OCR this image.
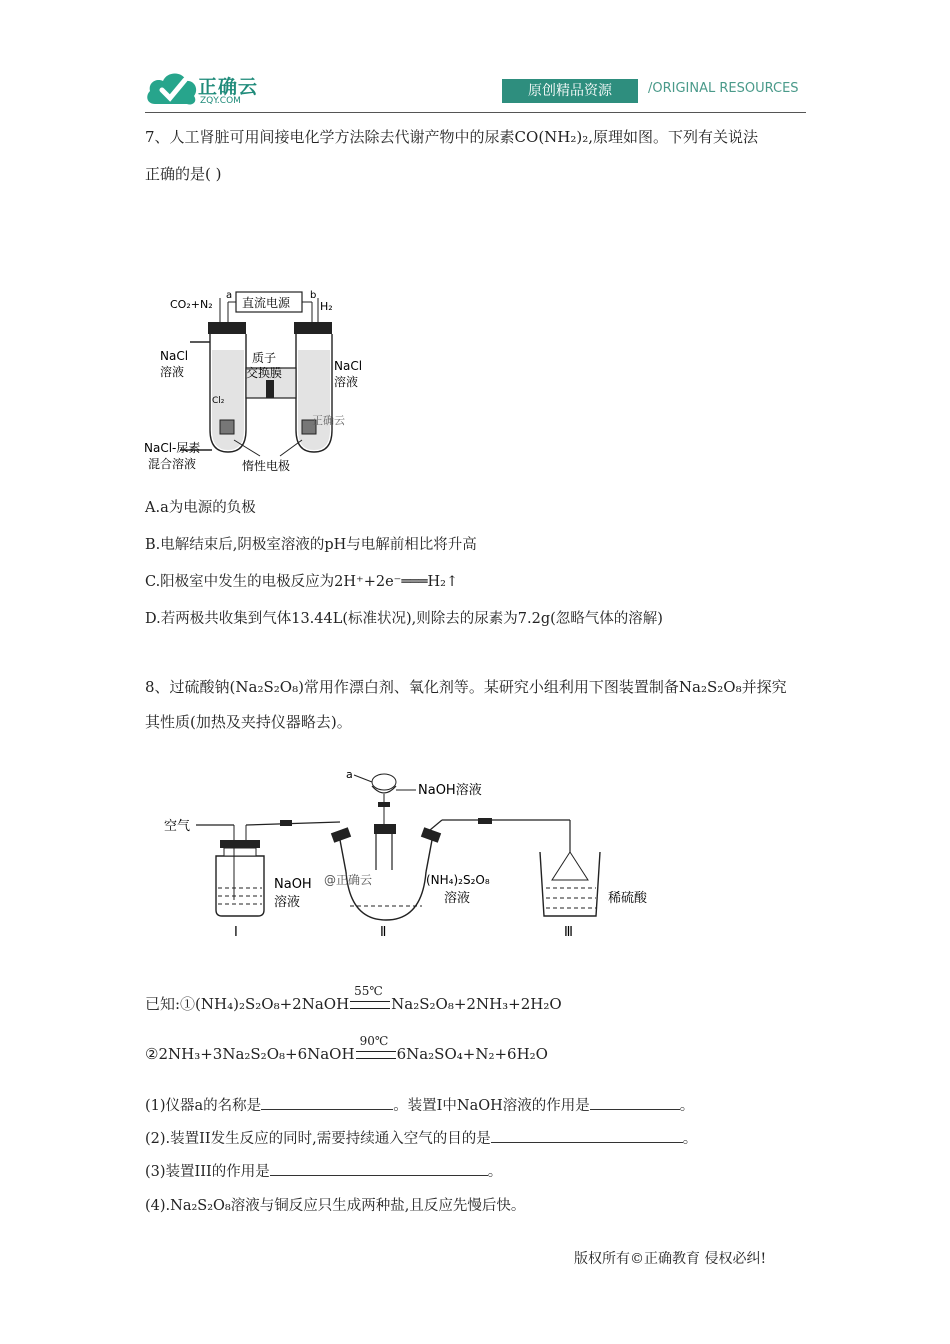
正确云
ZQY.COM
原创精品资源	/ORIGINAL RESOURCES
7、人工肾脏可用间接电化学方法除去代谢产物中的尿素CO(NH₂)₂,原理如图。下列有关说法
正确的是( )
直流电源
a	b
CO₂+N₂	H₂
质子
交换膜
Cl₂
NaCl
溶液	NaCl
溶液
正确云
NaCl-尿素
混合溶液	惰性电极
A.a为电源的负极
B.电解结束后,阴极室溶液的pH与电解前相比将升高
C.阳极室中发生的电极反应为2H⁺+2e⁻═══H₂↑
D.若两极共收集到气体13.44L(标准状况),则除去的尿素为7.2g(忽略气体的溶解)
8、过硫酸钠(Na₂S₂O₈)常用作漂白剂、氧化剂等。某研究小组利用下图装置制备Na₂S₂O₈并探究
其性质(加热及夹持仪器略去)。
空气
NaOH
溶液
Ⅰ
a
NaOH溶液
@正确云	(NH₄)₂S₂O₈
溶液
Ⅱ
稀硫酸
Ⅲ
已知:①(NH₄)₂S₂O₈+2NaOH
55℃
Na₂S₂O₈+2NH₃+2H₂O
②2NH₃+3Na₂S₂O₈+6NaOH
90℃
6Na₂SO₄+N₂+6H₂O
(1)仪器a的名称是	。装置I中NaOH溶液的作用是	。
(2).装置II发生反应的同时,需要持续通入空气的目的是	。
(3)装置III的作用是	。
(4).Na₂S₂O₈溶液与铜反应只生成两种盐,且反应先慢后快。
版权所有©正确教育 侵权必纠!
